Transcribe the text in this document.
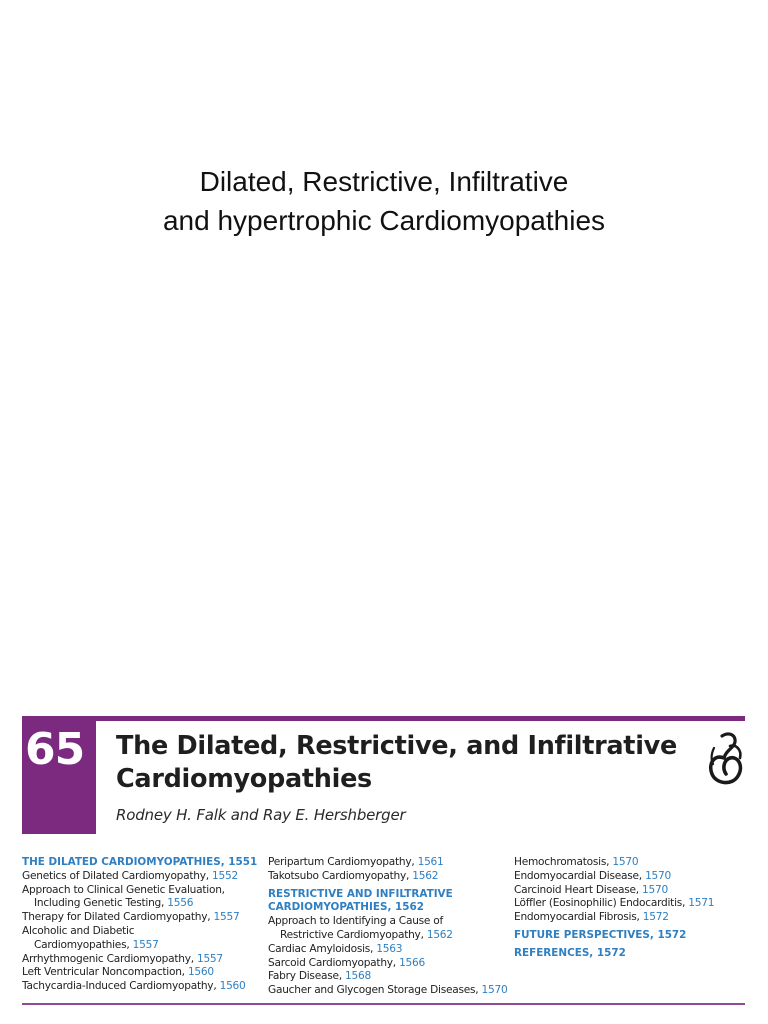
Dilated, Restrictive, Infiltrative
and hypertrophic Cardiomyopathies
65	The Dilated, Restrictive, and Infiltrative
Cardiomyopathies
Rodney H. Falk and Ray E. Hershberger
THE DILATED CARDIOMYOPATHIES, 1551
Genetics of Dilated Cardiomyopathy, 1552
Approach to Clinical Genetic Evaluation,
Including Genetic Testing, 1556
Therapy for Dilated Cardiomyopathy, 1557
Alcoholic and Diabetic
Cardiomyopathies, 1557
Arrhythmogenic Cardiomyopathy, 1557
Left Ventricular Noncompaction, 1560
Tachycardia-Induced Cardiomyopathy, 1560
Peripartum Cardiomyopathy, 1561
Takotsubo Cardiomyopathy, 1562
RESTRICTIVE AND INFILTRATIVE
CARDIOMYOPATHIES, 1562
Approach to Identifying a Cause of
Restrictive Cardiomyopathy, 1562
Cardiac Amyloidosis, 1563
Sarcoid Cardiomyopathy, 1566
Fabry Disease, 1568
Gaucher and Glycogen Storage Diseases, 1570
Hemochromatosis, 1570
Endomyocardial Disease, 1570
Carcinoid Heart Disease, 1570
Löffler (Eosinophilic) Endocarditis, 1571
Endomyocardial Fibrosis, 1572
FUTURE PERSPECTIVES, 1572
REFERENCES, 1572
